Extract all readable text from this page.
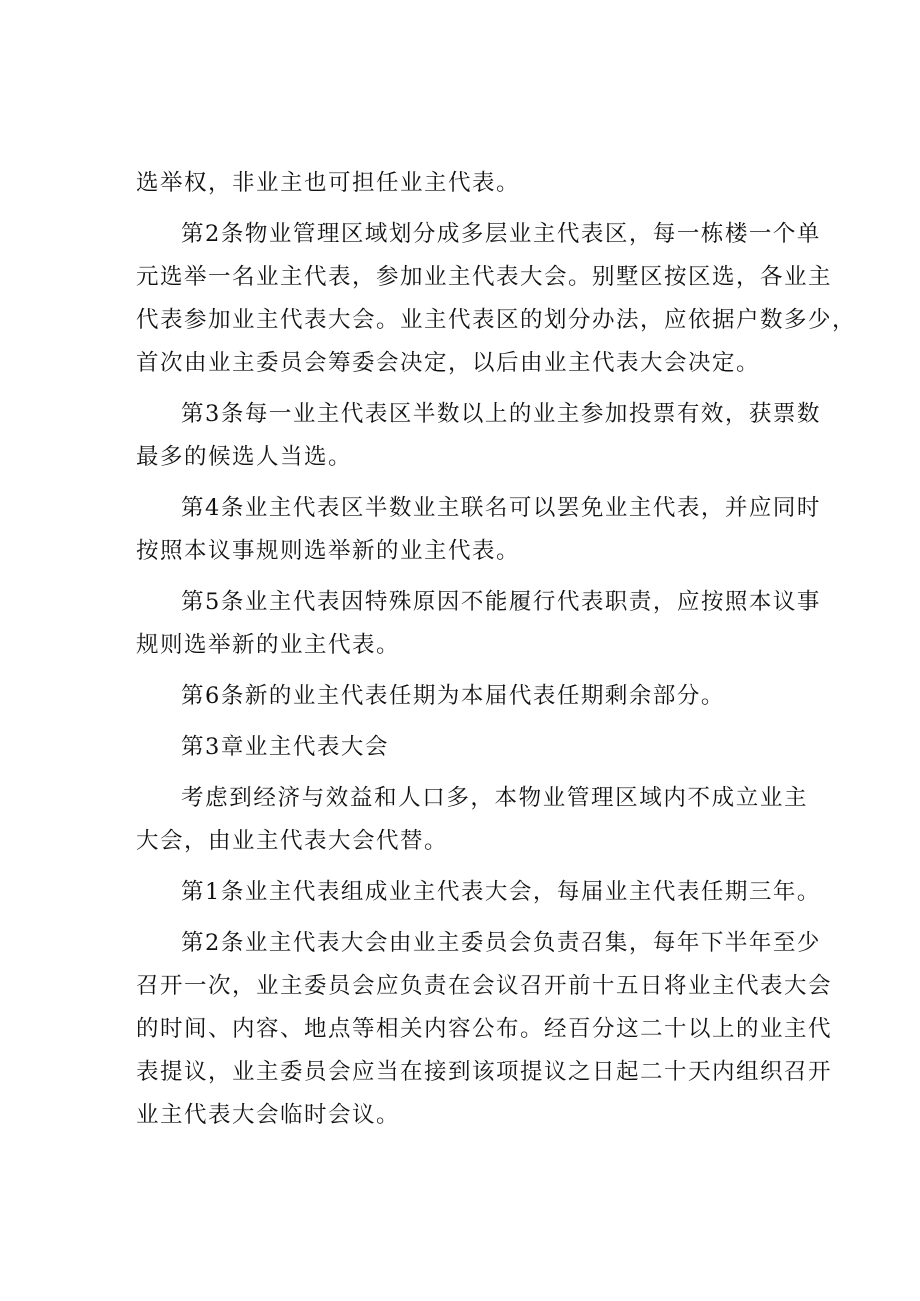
选举权，非业主也可担任业主代表。
第2条物业管理区域划分成多层业主代表区，每一栋楼一个单
元选举一名业主代表，参加业主代表大会。别墅区按区选，各业主
代表参加业主代表大会。业主代表区的划分办法，应依据户数多少，
首次由业主委员会筹委会决定，以后由业主代表大会决定。
第3条每一业主代表区半数以上的业主参加投票有效，获票数
最多的候选人当选。
第4条业主代表区半数业主联名可以罢免业主代表，并应同时
按照本议事规则选举新的业主代表。
第5条业主代表因特殊原因不能履行代表职责，应按照本议事
规则选举新的业主代表。
第6条新的业主代表任期为本届代表任期剩余部分。
第3章业主代表大会
考虑到经济与效益和人口多，本物业管理区域内不成立业主
大会，由业主代表大会代替。
第1条业主代表组成业主代表大会，每届业主代表任期三年。
第2条业主代表大会由业主委员会负责召集，每年下半年至少
召开一次，业主委员会应负责在会议召开前十五日将业主代表大会
的时间、内容、地点等相关内容公布。经百分这二十以上的业主代
表提议，业主委员会应当在接到该项提议之日起二十天内组织召开
业主代表大会临时会议。
